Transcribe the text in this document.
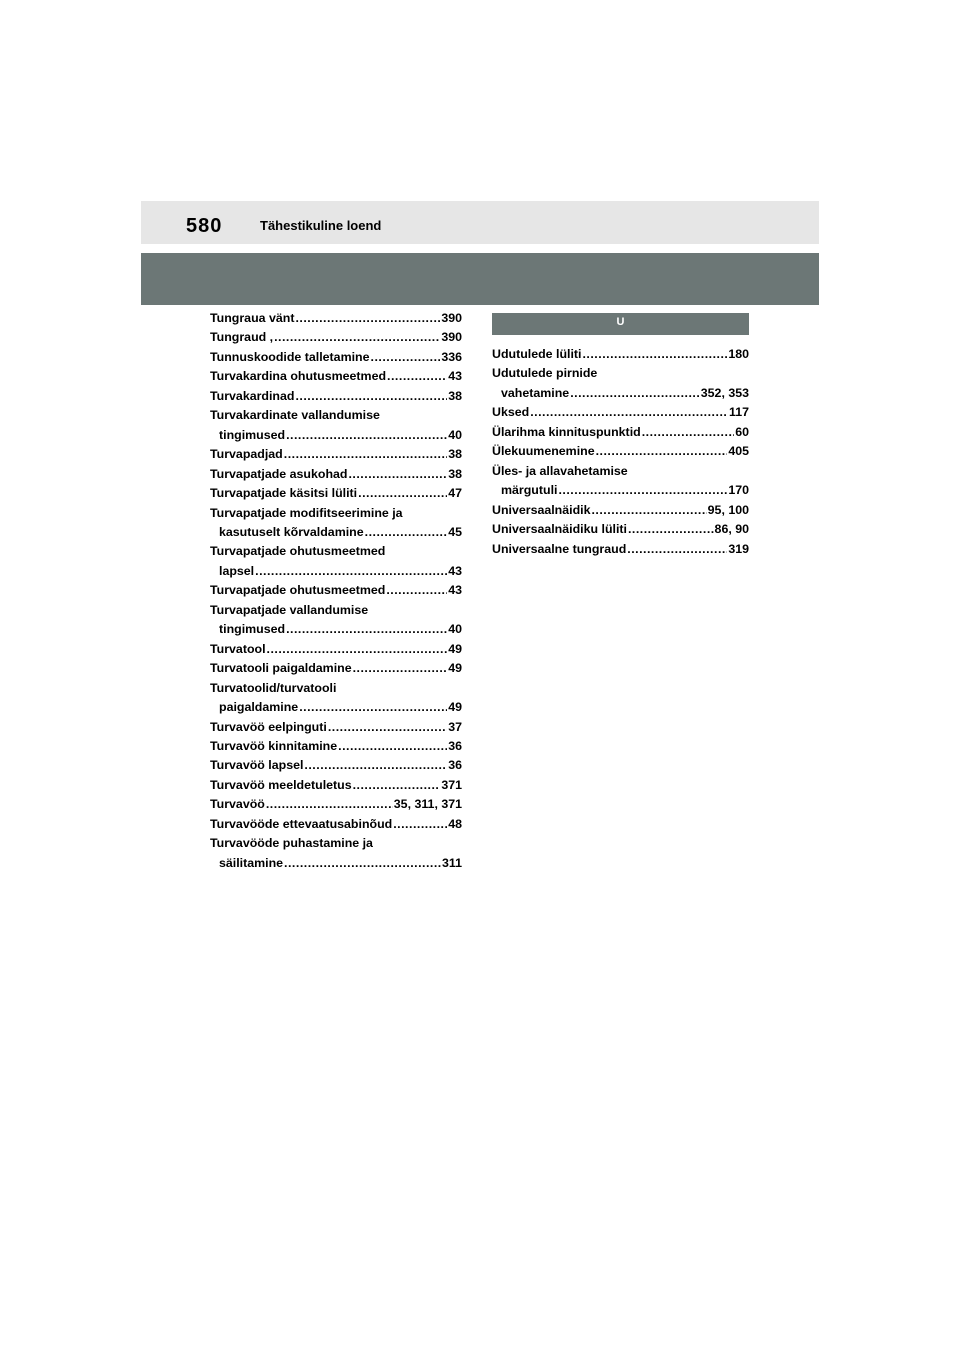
580	Tähestikuline loend
Tungraua vänt .....	390
Tungraud , .....	390
Tunnuskoodide talletamine .....	336
Turvakardina ohutusmeetmed .....	43
Turvakardinad .....	38
Turvakardinate vallandumise
tingimused .....	40
Turvapadjad .....	38
Turvapatjade asukohad .....	38
Turvapatjade käsitsi lüliti .....	47
Turvapatjade modifitseerimine ja
kasutuselt kõrvaldamine .....	45
Turvapatjade ohutusmeetmed
lapsel .....	43
Turvapatjade ohutusmeetmed .....	43
Turvapatjade vallandumise
tingimused .....	40
Turvatool .....	49
Turvatooli paigaldamine .....	49
Turvatoolid/turvatooli
paigaldamine .....	49
Turvavöö eelpinguti .....	37
Turvavöö kinnitamine .....	36
Turvavöö lapsel .....	36
Turvavöö meeldetuletus .....	371
Turvavöö .....	35, 311, 371
Turvavööde ettevaatusabinõud .....	48
Turvavööde puhastamine ja
säilitamine .....	311
U
Udutulede lüliti .....	180
Udutulede pirnide
vahetamine .....	352, 353
Uksed .....	117
Ülarihma kinnituspunktid .....	60
Ülekuumenemine .....	405
Üles- ja allavahetamise
märgutuli .....	170
Universaalnäidik .....	95, 100
Universaalnäidiku lüliti .....	86, 90
Universaalne tungraud .....	319
